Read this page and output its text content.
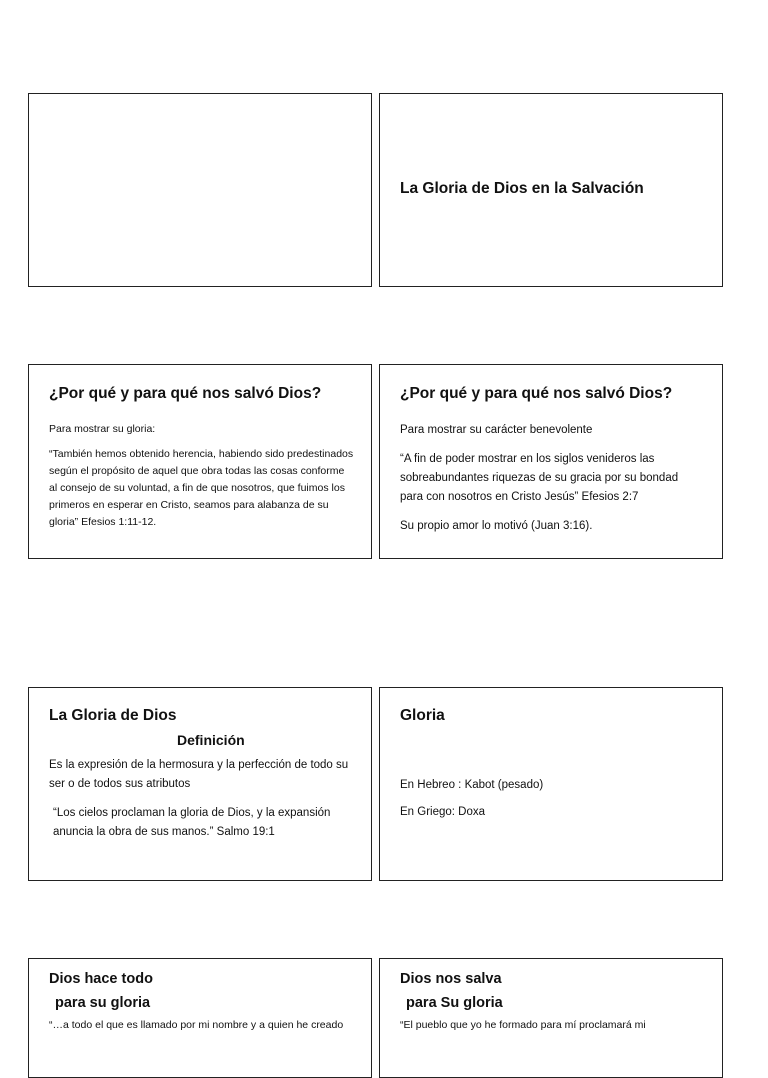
La Gloria de Dios en la Salvación
¿Por qué y para qué nos salvó Dios?

Para mostrar su gloria:

“También hemos obtenido herencia, habiendo sido predestinados según el propósito de aquel que obra todas las cosas conforme al consejo de su voluntad, a fin de que nosotros, que fuimos los primeros en esperar en Cristo, seamos para alabanza de su gloria” Efesios 1:11-12.

¿Por qué y para qué nos salvó Dios?

Para mostrar su carácter benevolente

“A fin de poder mostrar en los siglos venideros las sobreabundantes riquezas de su gracia por su bondad para con nosotros en Cristo Jesús” Efesios 2:7

Su propio amor lo motivó (Juan 3:16).

La Gloria de Dios
Definición

Es la expresión de la hermosura y la perfección de todo su ser o de todos sus atributos

“Los cielos proclaman la gloria de Dios, y la expansión anuncia la obra de sus manos.” Salmo 19:1

Gloria

En Hebreo : Kabot (pesado)

En Griego: Doxa

Dios hace todo
para su gloria
“…a todo el que es llamado por mi nombre y a quien he creado
Dios nos salva
para Su gloria
“El pueblo que yo he formado para mí proclamará mi
